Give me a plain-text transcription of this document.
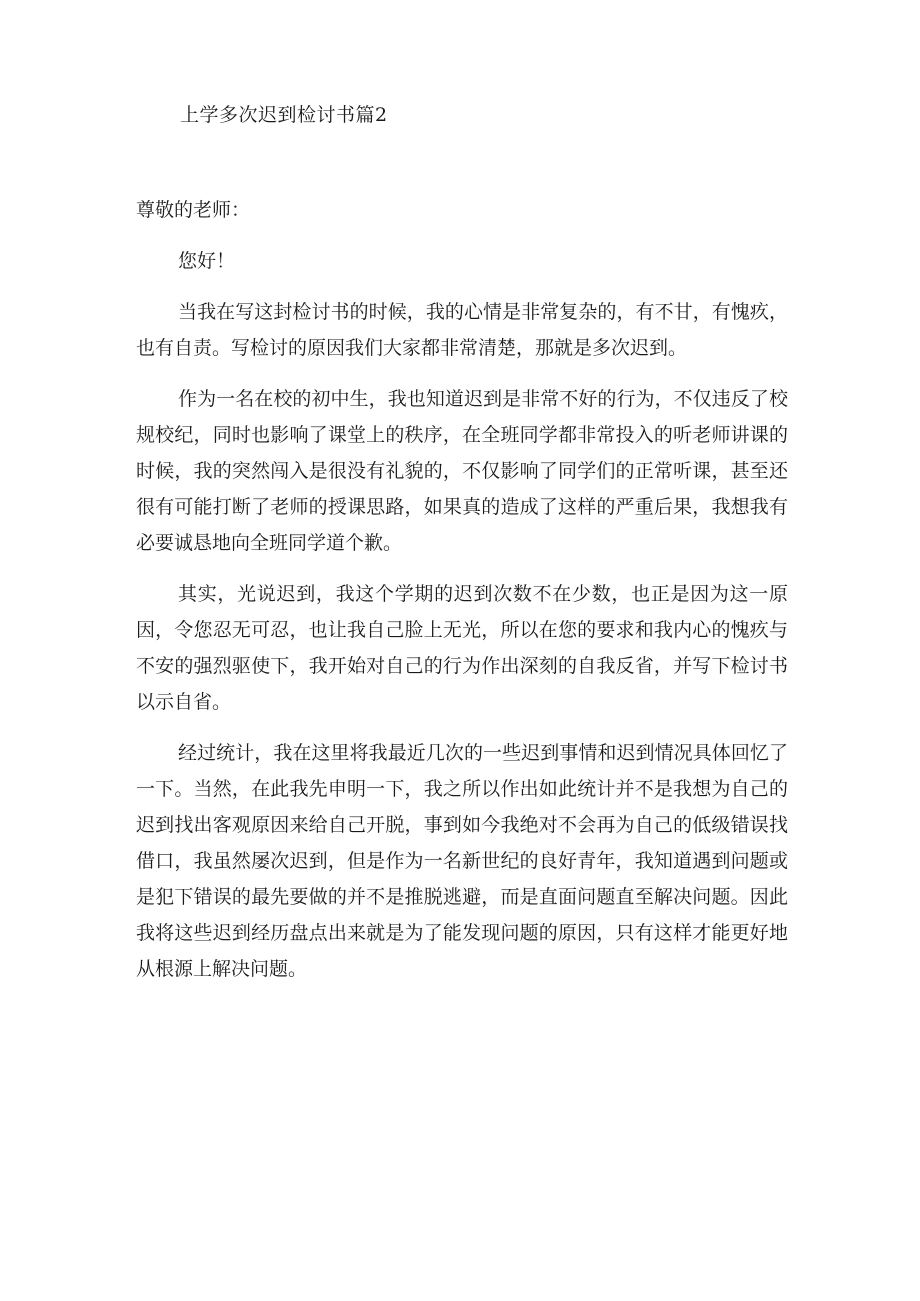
上学多次迟到检讨书篇2

尊敬的老师：

您好！

当我在写这封检讨书的时候，我的心情是非常复杂的，有不甘，有愧疚，也有自责。写检讨的原因我们大家都非常清楚，那就是多次迟到。

作为一名在校的初中生，我也知道迟到是非常不好的行为，不仅违反了校规校纪，同时也影响了课堂上的秩序，在全班同学都非常投入的听老师讲课的时候，我的突然闯入是很没有礼貌的，不仅影响了同学们的正常听课，甚至还很有可能打断了老师的授课思路，如果真的造成了这样的严重后果，我想我有必要诚恳地向全班同学道个歉。

其实，光说迟到，我这个学期的迟到次数不在少数，也正是因为这一原因，令您忍无可忍，也让我自己脸上无光，所以在您的要求和我内心的愧疚与不安的强烈驱使下，我开始对自己的行为作出深刻的自我反省，并写下检讨书以示自省。

经过统计，我在这里将我最近几次的一些迟到事情和迟到情况具体回忆了一下。当然，在此我先申明一下，我之所以作出如此统计并不是我想为自己的迟到找出客观原因来给自己开脱，事到如今我绝对不会再为自己的低级错误找借口，我虽然屡次迟到，但是作为一名新世纪的良好青年，我知道遇到问题或是犯下错误的最先要做的并不是推脱逃避，而是直面问题直至解决问题。因此我将这些迟到经历盘点出来就是为了能发现问题的原因，只有这样才能更好地从根源上解决问题。
